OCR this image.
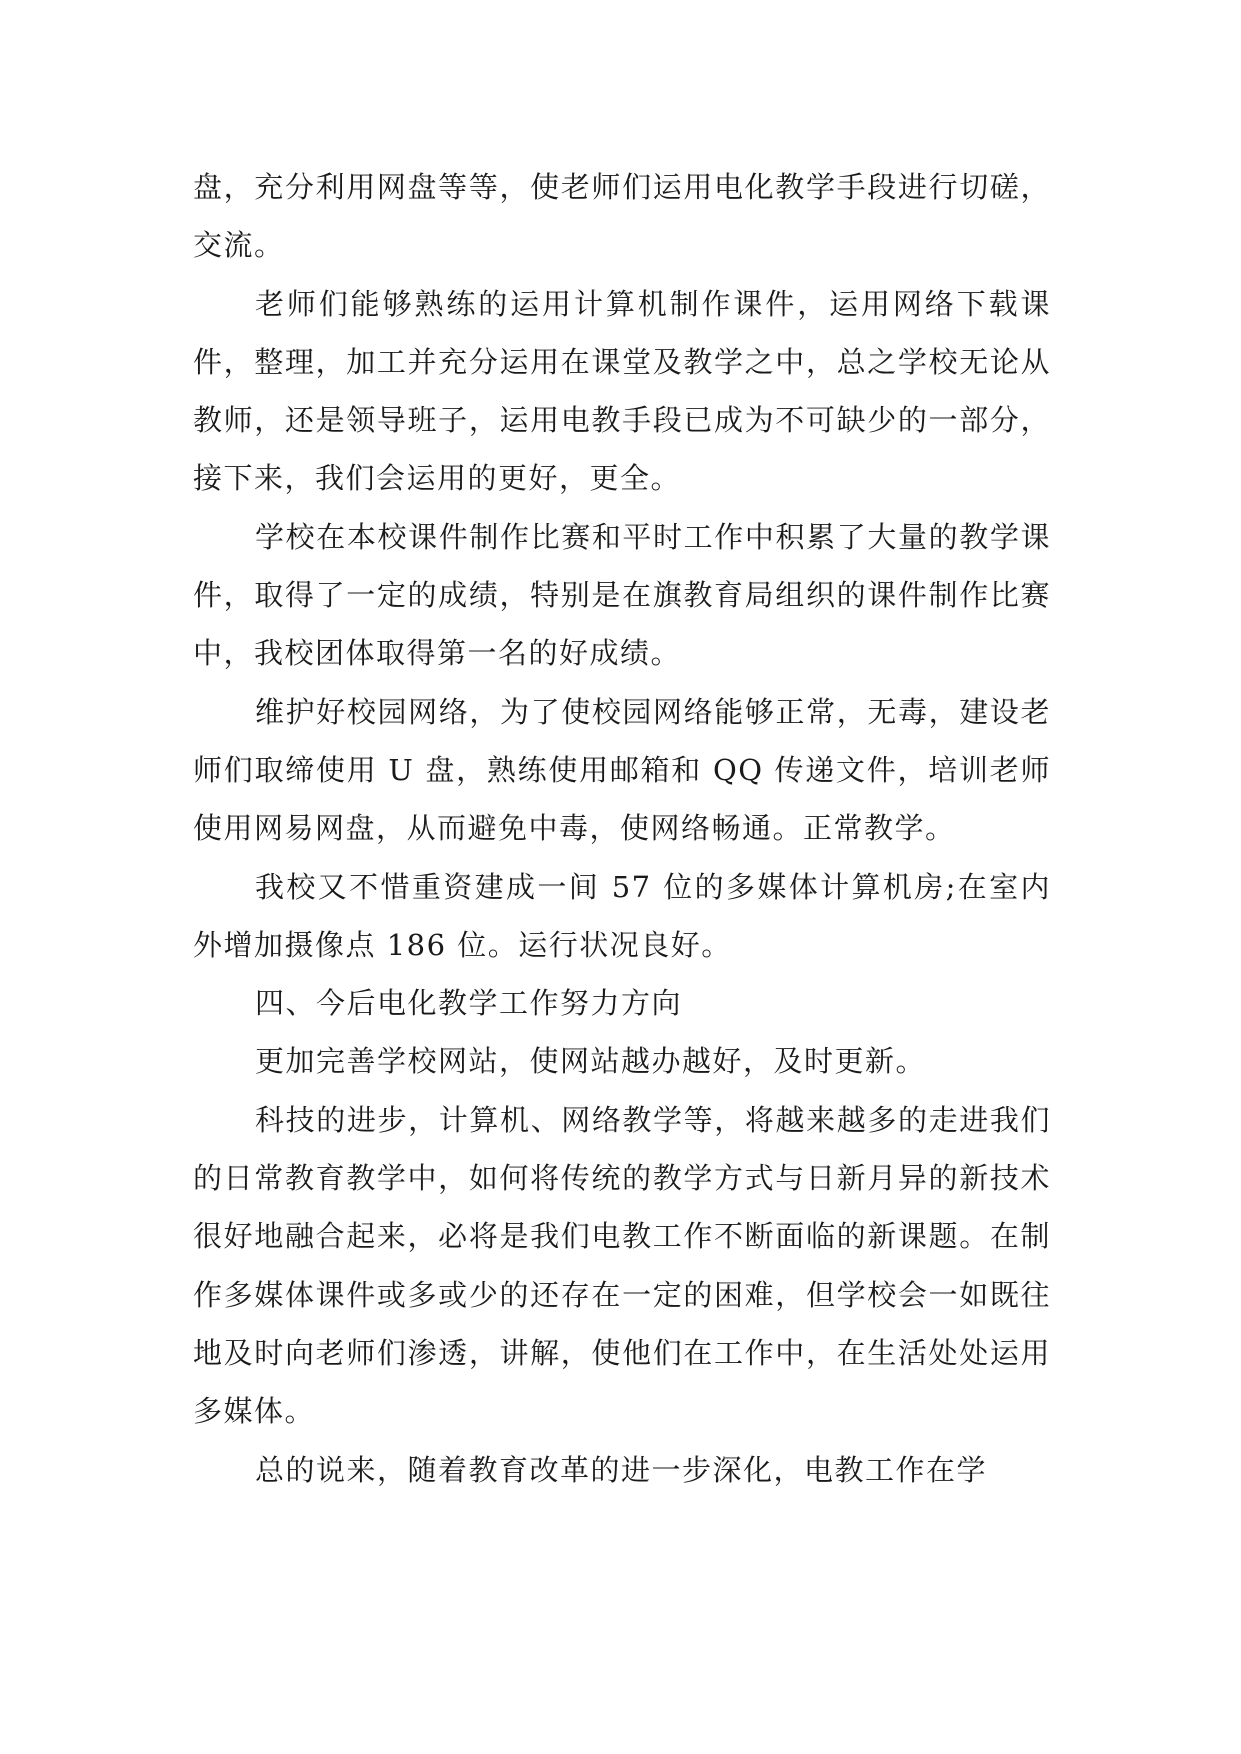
盘，充分利用网盘等等，使老师们运用电化教学手段进行切磋，交流。

老师们能够熟练的运用计算机制作课件，运用网络下载课件，整理，加工并充分运用在课堂及教学之中，总之学校无论从教师，还是领导班子，运用电教手段已成为不可缺少的一部分，接下来，我们会运用的更好，更全。

学校在本校课件制作比赛和平时工作中积累了大量的教学课件，取得了一定的成绩，特别是在旗教育局组织的课件制作比赛中，我校团体取得第一名的好成绩。

维护好校园网络，为了使校园网络能够正常，无毒，建设老师们取缔使用 U 盘，熟练使用邮箱和 QQ 传递文件，培训老师使用网易网盘，从而避免中毒，使网络畅通。正常教学。

我校又不惜重资建成一间 57 位的多媒体计算机房;在室内外增加摄像点 186 位。运行状况良好。

四、今后电化教学工作努力方向

更加完善学校网站，使网站越办越好，及时更新。

科技的进步，计算机、网络教学等，将越来越多的走进我们的日常教育教学中，如何将传统的教学方式与日新月异的新技术很好地融合起来，必将是我们电教工作不断面临的新课题。在制作多媒体课件或多或少的还存在一定的困难，但学校会一如既往地及时向老师们渗透，讲解，使他们在工作中，在生活处处运用多媒体。

总的说来，随着教育改革的进一步深化，电教工作在学
